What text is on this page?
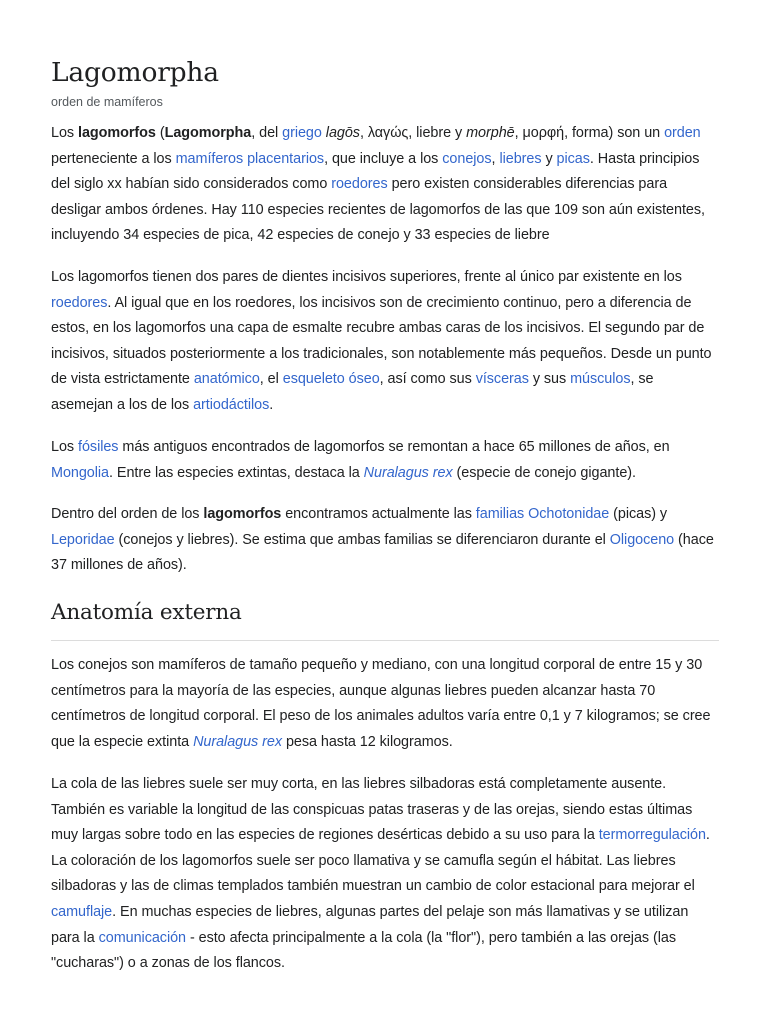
Lagomorpha
orden de mamíferos

Los lagomorfos (Lagomorpha, del griego lagōs, λαγώς, liebre y morphē, μορφή, forma) son un orden perteneciente a los mamíferos placentarios, que incluye a los conejos, liebres y picas. Hasta principios del siglo xx habían sido considerados como roedores pero existen considerables diferencias para desligar ambos órdenes. Hay 110 especies recientes de lagomorfos de las que 109 son aún existentes, incluyendo 34 especies de pica, 42 especies de conejo y 33 especies de liebre

Los lagomorfos tienen dos pares de dientes incisivos superiores, frente al único par existente en los roedores. Al igual que en los roedores, los incisivos son de crecimiento continuo, pero a diferencia de estos, en los lagomorfos una capa de esmalte recubre ambas caras de los incisivos. El segundo par de incisivos, situados posteriormente a los tradicionales, son notablemente más pequeños. Desde un punto de vista estrictamente anatómico, el esqueleto óseo, así como sus vísceras y sus músculos, se asemejan a los de los artiodáctilos.

Los fósiles más antiguos encontrados de lagomorfos se remontan a hace 65 millones de años, en Mongolia. Entre las especies extintas, destaca la Nuralagus rex (especie de conejo gigante).

Dentro del orden de los lagomorfos encontramos actualmente las familias Ochotonidae (picas) y Leporidae (conejos y liebres). Se estima que ambas familias se diferenciaron durante el Oligoceno (hace 37 millones de años).

Anatomía externa

Los conejos son mamíferos de tamaño pequeño y mediano, con una longitud corporal de entre 15 y 30 centímetros para la mayoría de las especies, aunque algunas liebres pueden alcanzar hasta 70 centímetros de longitud corporal. El peso de los animales adultos varía entre 0,1 y 7 kilogramos; se cree que la especie extinta Nuralagus rex pesa hasta 12 kilogramos.

La cola de las liebres suele ser muy corta, en las liebres silbadoras está completamente ausente. También es variable la longitud de las conspicuas patas traseras y de las orejas, siendo estas últimas muy largas sobre todo en las especies de regiones desérticas debido a su uso para la termorregulación. La coloración de los lagomorfos suele ser poco llamativa y se camufla según el hábitat. Las liebres silbadoras y las de climas templados también muestran un cambio de color estacional para mejorar el camuflaje. En muchas especies de liebres, algunas partes del pelaje son más llamativas y se utilizan para la comunicación - esto afecta principalmente a la cola (la "flor"), pero también a las orejas (las "cucharas") o a zonas de los flancos.
